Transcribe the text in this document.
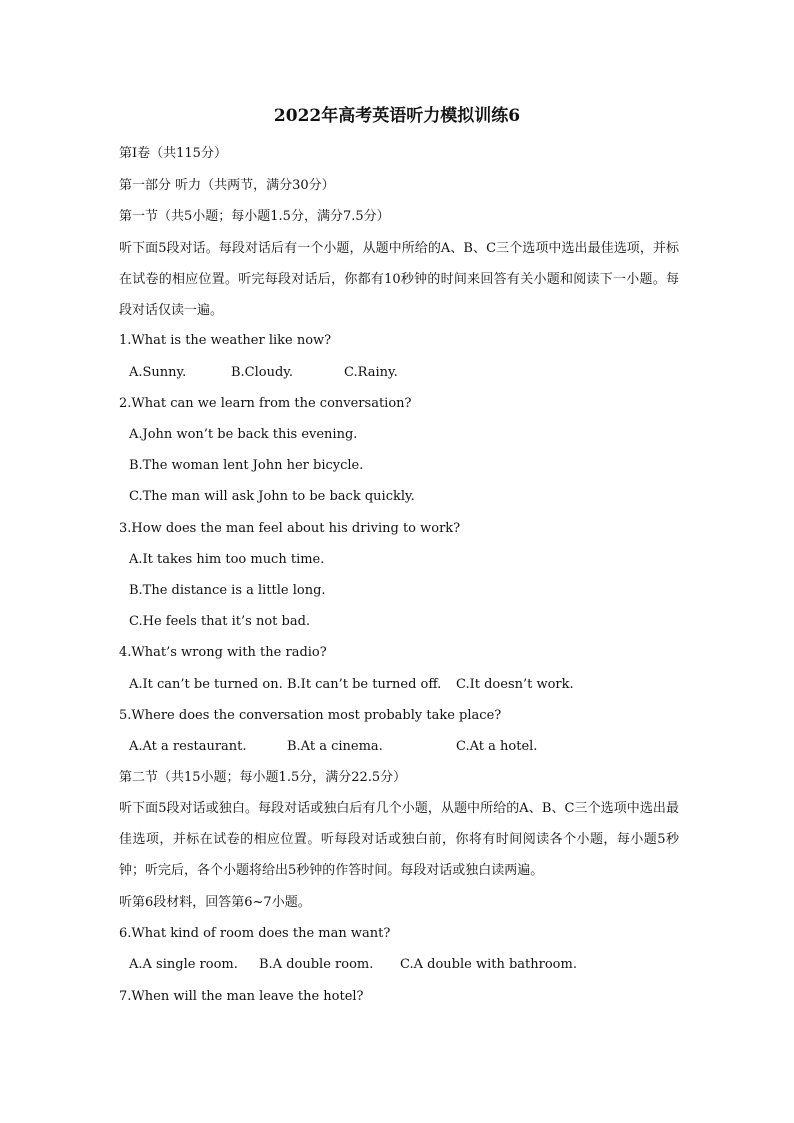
2022年高考英语听力模拟训练6
第I卷（共115分）
第一部分 听力（共两节，满分30分）
第一节（共5小题；每小题1.5分，满分7.5分）
听下面5段对话。每段对话后有一个小题，从题中所给的A、B、C三个选项中选出最佳选项，并标在试卷的相应位置。听完每段对话后，你都有10秒钟的时间来回答有关小题和阅读下一小题。每段对话仅读一遍。
1.What is the weather like now?
A.Sunny.	B.Cloudy.	C.Rainy.
2.What can we learn from the conversation?
A.John won’t be back this evening.
B.The woman lent John her bicycle.
C.The man will ask John to be back quickly.
3.How does the man feel about his driving to work?
A.It takes him too much time.
B.The distance is a little long.
C.He feels that it’s not bad.
4.What’s wrong with the radio?
A.It can’t be turned on. B.It can’t be turned off. C.It doesn’t work.
5.Where does the conversation most probably take place?
A.At a restaurant.	B.At a cinema.	C.At a hotel.
第二节（共15小题；每小题1.5分，满分22.5分）
听下面5段对话或独白。每段对话或独白后有几个小题，从题中所给的A、B、C三个选项中选出最佳选项，并标在试卷的相应位置。听每段对话或独白前，你将有时间阅读各个小题，每小题5秒钟；听完后，各个小题将给出5秒钟的作答时间。每段对话或独白读两遍。
听第6段材料，回答第6~7小题。
6.What kind of room does the man want?
A.A single room. B.A double room. C.A double with bathroom.
7.When will the man leave the hotel?
